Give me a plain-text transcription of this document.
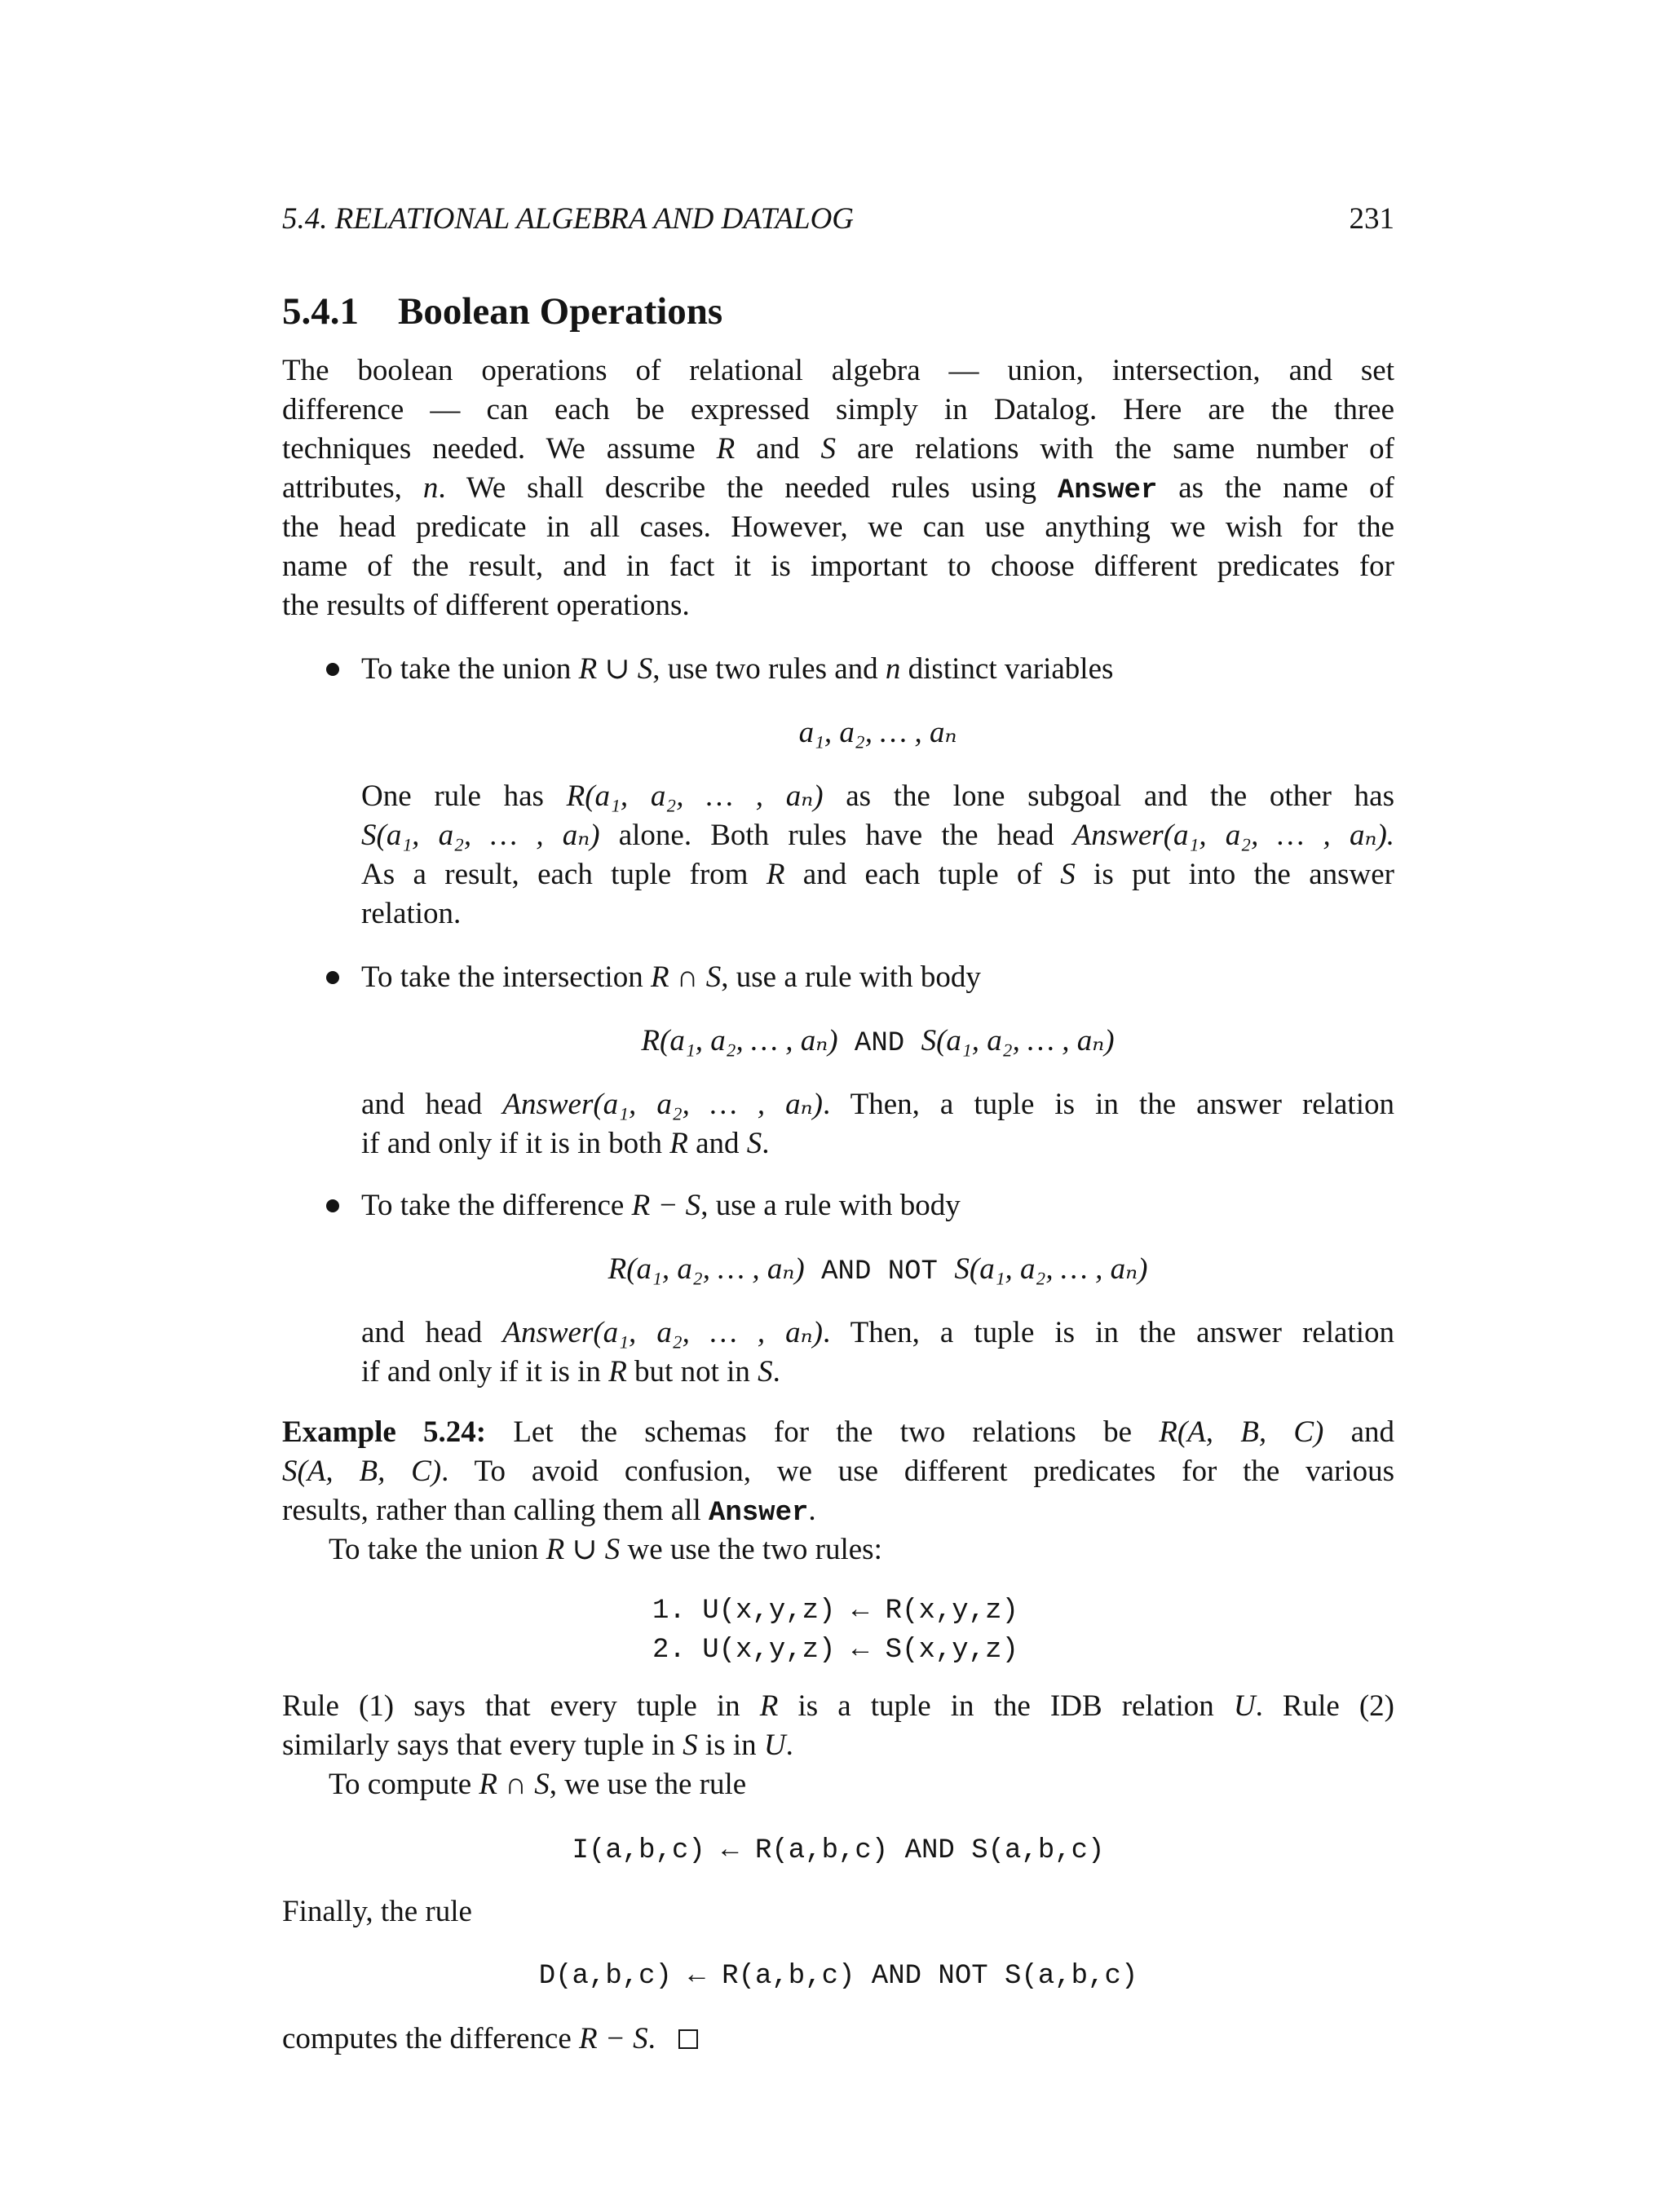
5.4. RELATIONAL ALGEBRA AND DATALOG	231
5.4.1 Boolean Operations
The boolean operations of relational algebra — union, intersection, and set
difference — can each be expressed simply in Datalog. Here are the three
techniques needed. We assume R and S are relations with the same number of
attributes, n. We shall describe the needed rules using Answer as the name of
the head predicate in all cases. However, we can use anything we wish for the
name of the result, and in fact it is important to choose different predicates for
the results of different operations.
To take the union R ∪ S, use two rules and n distinct variables
a₁, a₂, … , aₙ
One rule has R(a₁, a₂, … , aₙ) as the lone subgoal and the other has
S(a₁, a₂, … , aₙ) alone. Both rules have the head Answer(a₁, a₂, … , aₙ).
As a result, each tuple from R and each tuple of S is put into the answer
relation.
To take the intersection R ∩ S, use a rule with body
R(a₁, a₂, … , aₙ) AND S(a₁, a₂, … , aₙ)
and head Answer(a₁, a₂, … , aₙ). Then, a tuple is in the answer relation
if and only if it is in both R and S.
To take the difference R − S, use a rule with body
R(a₁, a₂, … , aₙ) AND NOT S(a₁, a₂, … , aₙ)
and head Answer(a₁, a₂, … , aₙ). Then, a tuple is in the answer relation
if and only if it is in R but not in S.
Example 5.24: Let the schemas for the two relations be R(A, B, C) and
S(A, B, C). To avoid confusion, we use different predicates for the various
results, rather than calling them all Answer.
To take the union R ∪ S we use the two rules:
1. U(x,y,z) ← R(x,y,z)
2. U(x,y,z) ← S(x,y,z)
Rule (1) says that every tuple in R is a tuple in the IDB relation U. Rule (2)
similarly says that every tuple in S is in U.
To compute R ∩ S, we use the rule
I(a,b,c) ← R(a,b,c) AND S(a,b,c)
Finally, the rule
D(a,b,c) ← R(a,b,c) AND NOT S(a,b,c)
computes the difference R − S.
